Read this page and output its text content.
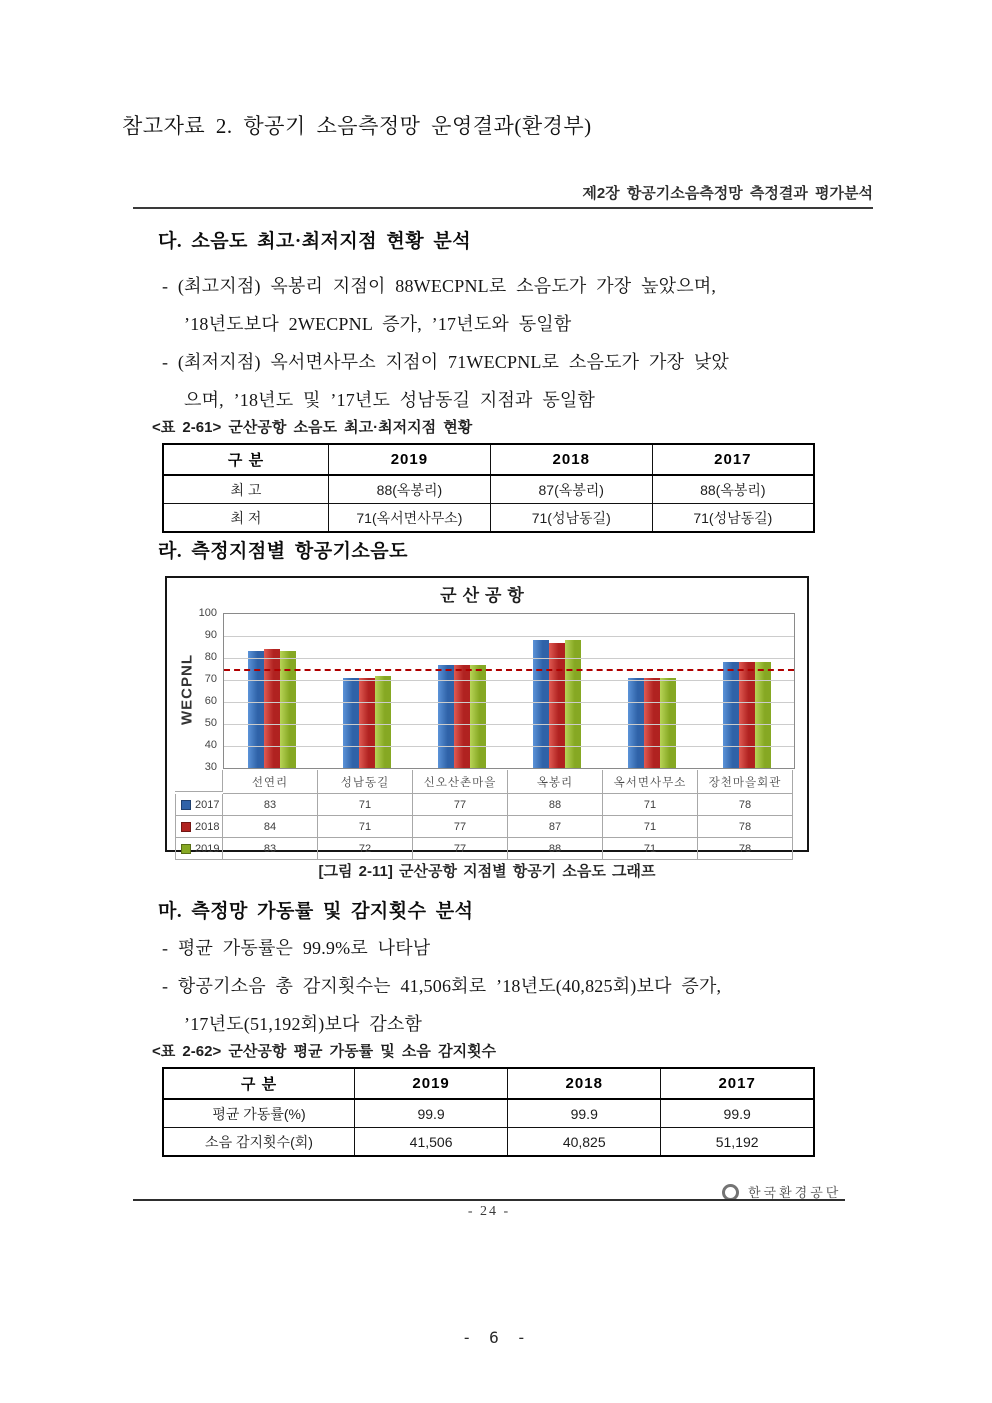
참고자료 2. 항공기 소음측정망 운영결과(환경부)
제2장 항공기소음측정망 측정결과 평가분석
다. 소음도 최고·최저지점 현황 분석
- (최고지점) 옥봉리 지점이 88WECPNL로 소음도가 가장 높았으며,
’18년도보다 2WECPNL 증가, ’17년도와 동일함
- (최저지점) 옥서면사무소 지점이 71WECPNL로 소음도가 가장 낮았
으며, ’18년도 및 ’17년도 성남동길 지점과 동일함
<표 2-61> 군산공항 소음도 최고·최저지점 현황
구 분	2019	2018	2017
최 고	88(옥봉리)	87(옥봉리)	88(옥봉리)
최 저	71(옥서면사무소)	71(성남동길)	71(성남동길)
라. 측정지점별 항공기소음도
군산공항
WECPNL
100
90
80
70
60
50
40
30
선연리	성남동길	신오산촌마을	옥봉리	옥서면사무소	장천마을회관
2017	83	71	77	88	71	78
2018	84	71	77	87	71	78
2019	83	72	77	88	71	78
[그림 2-11] 군산공항 지점별 항공기 소음도 그래프
마. 측정망 가동률 및 감지횟수 분석
- 평균 가동률은 99.9%로 나타남
- 항공기소음 총 감지횟수는 41,506회로 ’18년도(40,825회)보다 증가,
’17년도(51,192회)보다 감소함
<표 2-62> 군산공항 평균 가동률 및 소음 감지횟수
구 분	2019	2018	2017
평균 가동률(%)	99.9	99.9	99.9
소음 감지횟수(회)	41,506	40,825	51,192
한국환경공단
- 24 -
- 6 -
